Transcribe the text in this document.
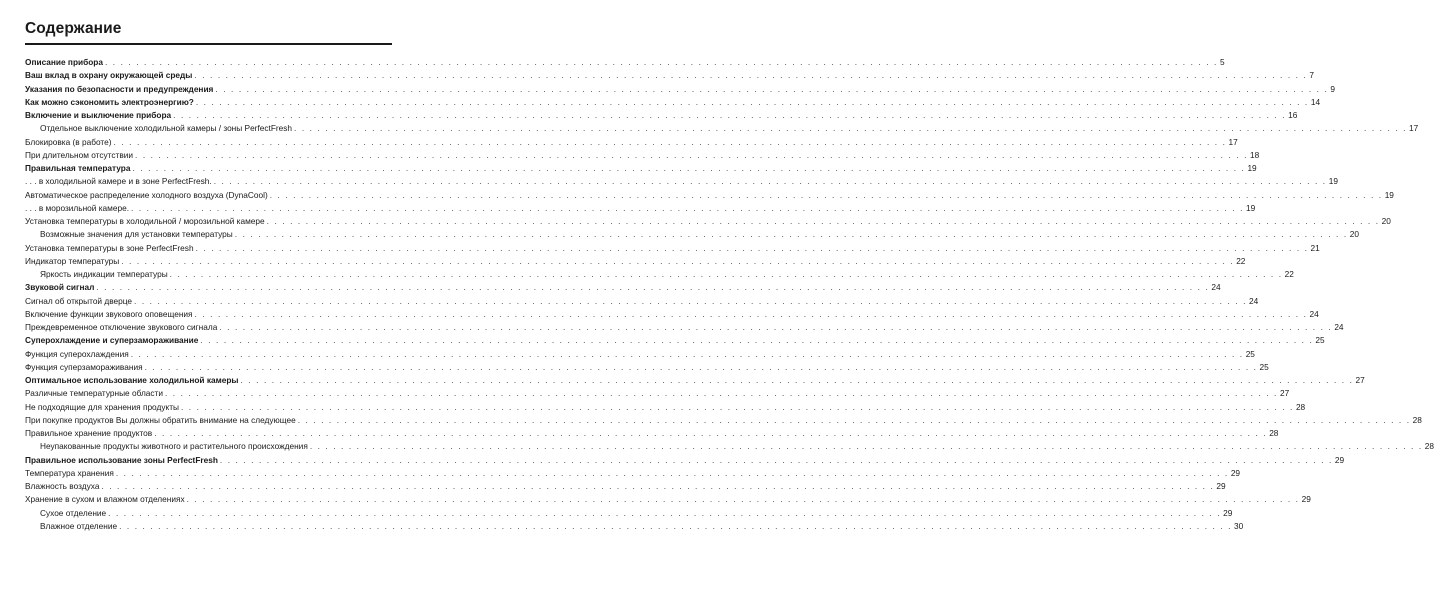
Содержание
Описание прибора . . .	5
Ваш вклад в охрану окружающей среды . . .	7
Указания по безопасности и предупреждения . . .	9
Как можно сэкономить электроэнергию? . . .	14
Включение и выключение прибора . . .	16
Отдельное выключение холодильной камеры / зоны PerfectFresh . . .	17
Блокировка (в работе) . . .	17
При длительном отсутствии . . .	18
Правильная температура . . .	19
. . . в холодильной камере и в зоне PerfectFresh. . . .	19
Автоматическое распределение холодного воздуха (DynaCool) . . .	19
. . . в морозильной камере. . . .	19
Установка температуры в холодильной / морозильной камере . . .	20
Возможные значения для установки температуры . . .	20
Установка температуры в зоне PerfectFresh . . .	21
Индикатор температуры . . .	22
Яркость индикации температуры . . .	22
Звуковой сигнал . . .	24
Сигнал об открытой дверце . . .	24
Включение функции звукового оповещения . . .	24
Преждевременное отключение звукового сигнала . . .	24
Суперохлаждение и суперзамораживание . . .	25
Функция суперохлаждения . . .	25
Функция суперзамораживания . . .	25
Оптимальное использование холодильной камеры . . .	27
Различные температурные области . . .	27
Не подходящие для хранения продукты . . .	28
При покупке продуктов Вы должны обратить внимание на следующее . . .	28
Правильное хранение продуктов . . .	28
Неупакованные продукты животного и растительного происхождения . . .	28
Правильное использование зоны PerfectFresh . . .	29
Температура хранения . . .	29
Влажность воздуха . . .	29
Хранение в сухом и влажном отделениях . . .	29
Сухое отделение . . .	29
Влажное отделение . . .	30
